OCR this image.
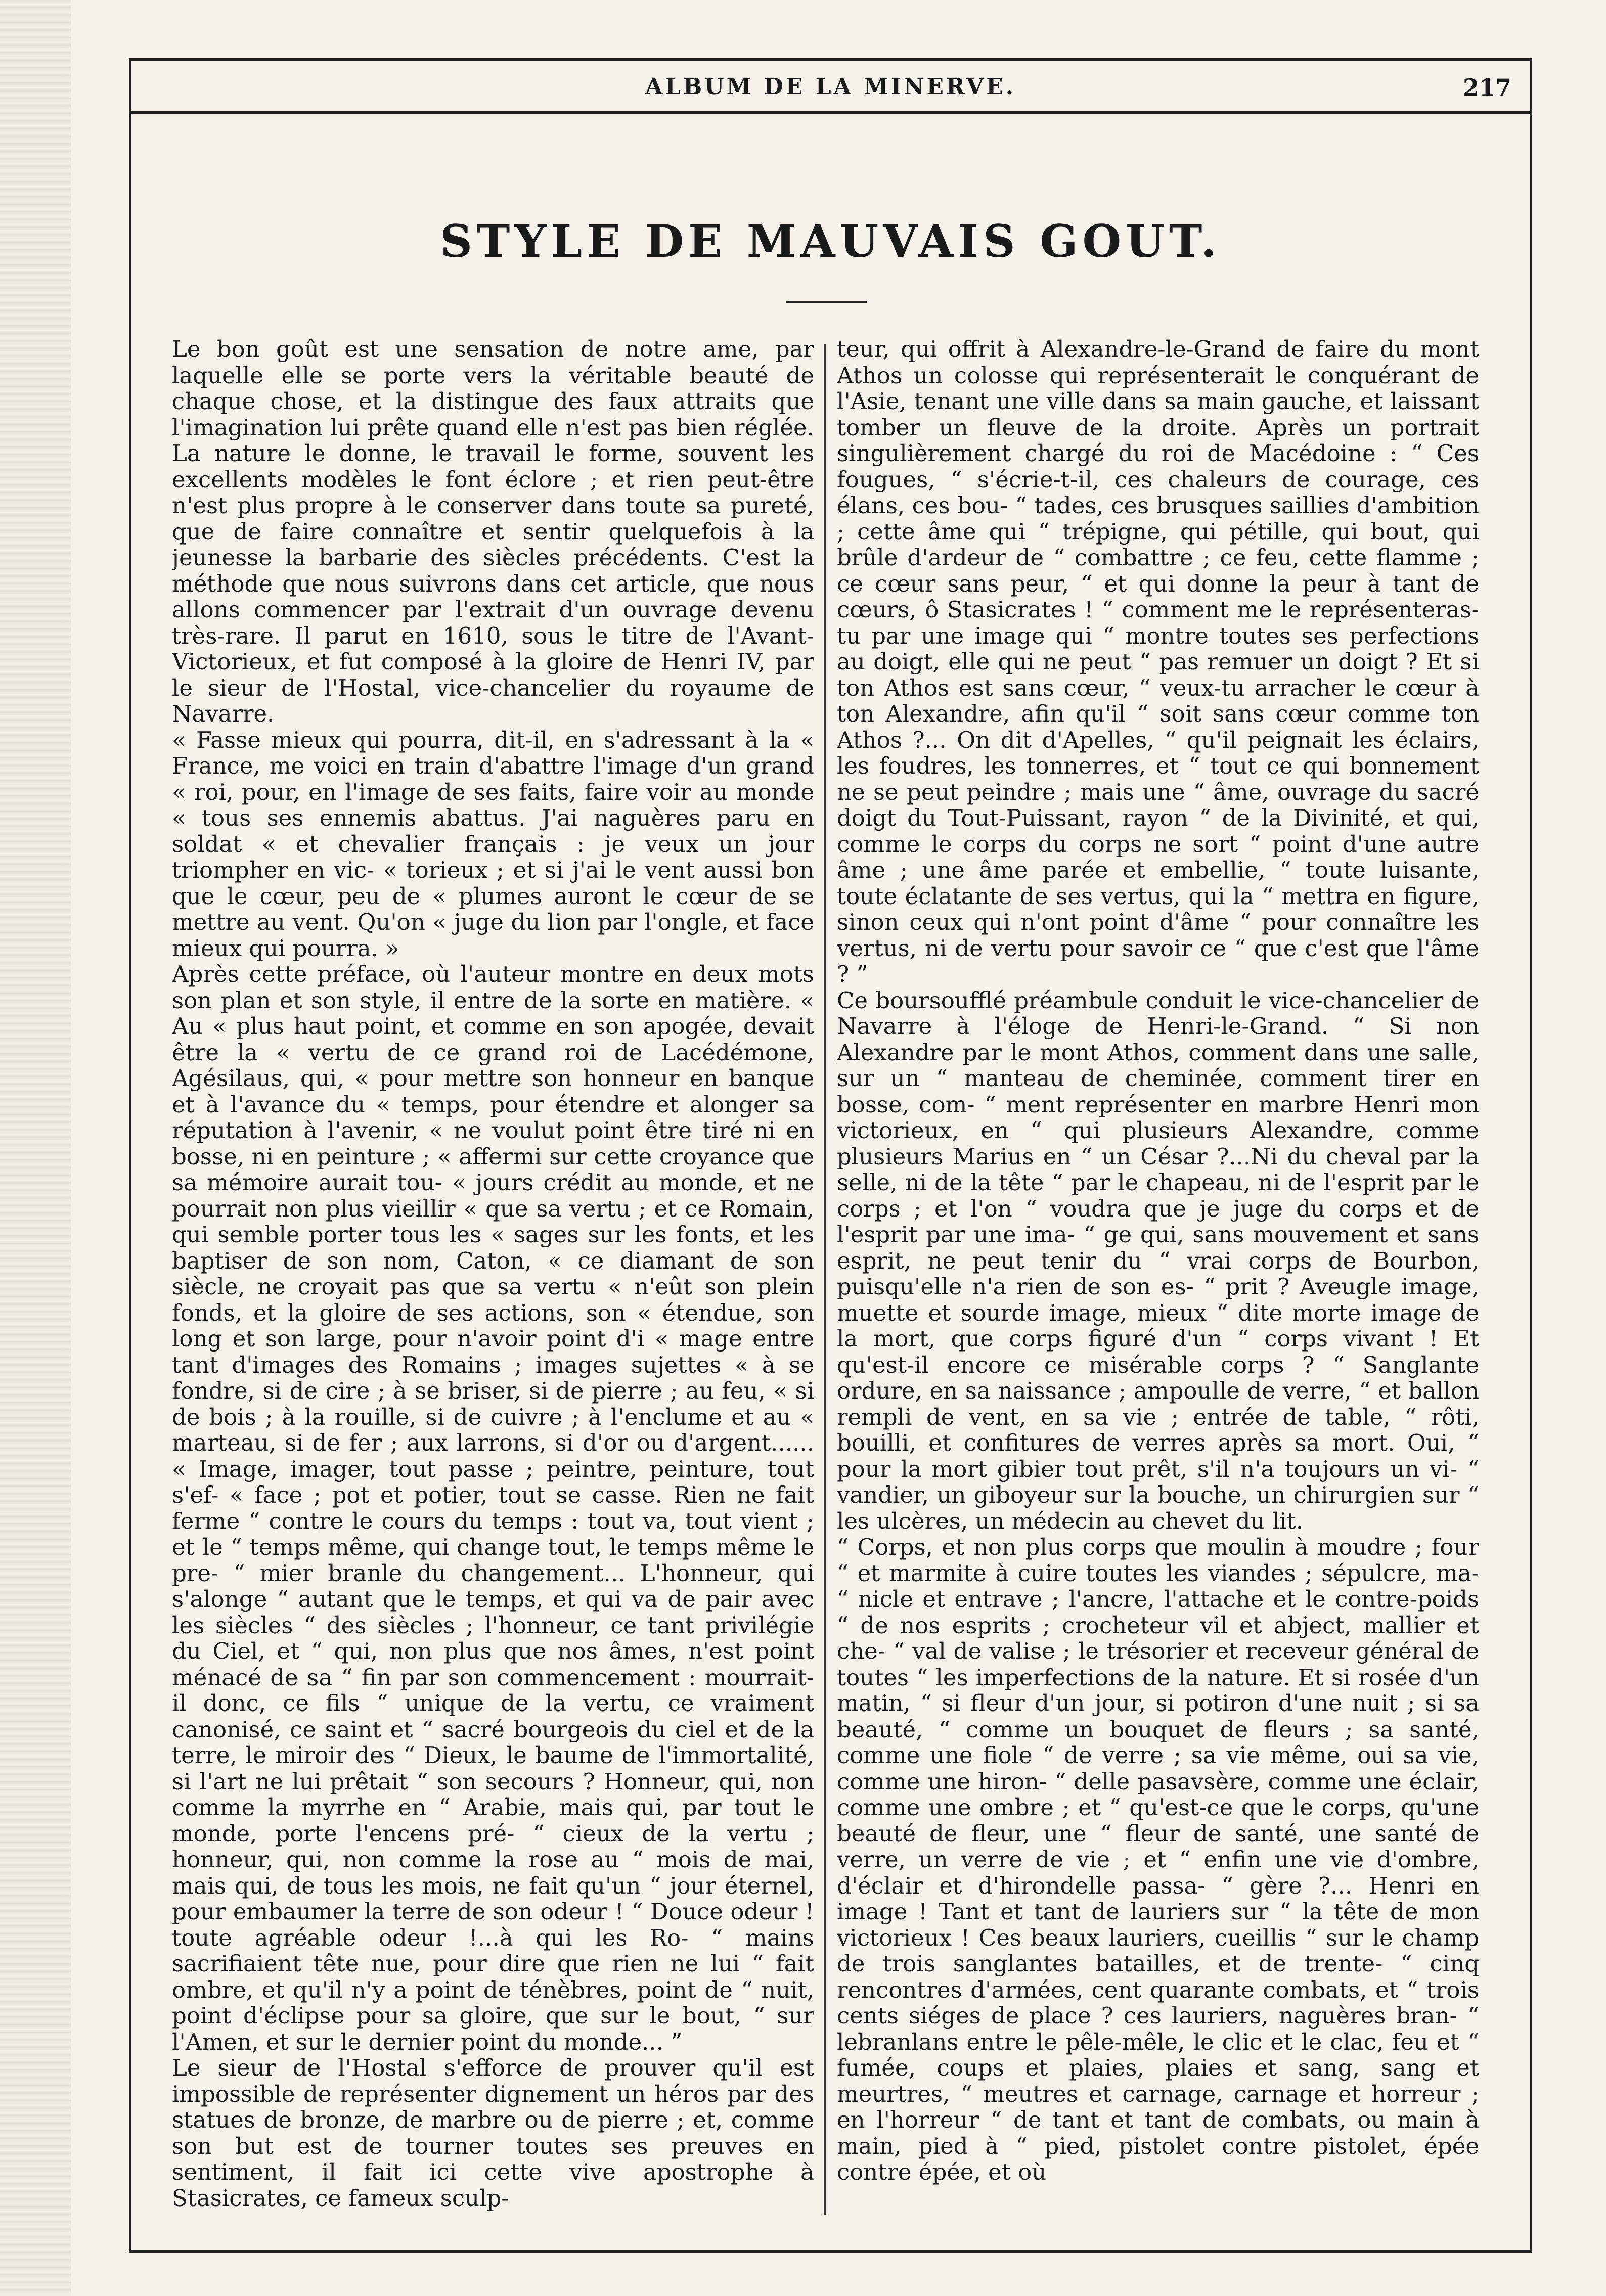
ALBUM DE LA MINERVE.	217
STYLE DE MAUVAIS GOUT.

Le bon goût est une sensation de notre ame, par laquelle elle se porte vers la véritable beauté de chaque chose, et la distingue des faux attraits que l'imagination lui prête quand elle n'est pas bien réglée. La nature le donne, le travail le forme, souvent les excellents modèles le font éclore ; et rien peut-être n'est plus propre à le conserver dans toute sa pureté, que de faire connaître et sentir quelquefois à la jeunesse la barbarie des siècles précédents. C'est la méthode que nous suivrons dans cet article, que nous allons commencer par l'extrait d'un ouvrage devenu très-rare. Il parut en 1610, sous le titre de l'Avant-Victorieux, et fut composé à la gloire de Henri IV, par le sieur de l'Hostal, vice-chancelier du royaume de Navarre.
« Fasse mieux qui pourra, dit-il, en s'adressant à la « France, me voici en train d'abattre l'image d'un grand « roi, pour, en l'image de ses faits, faire voir au monde « tous ses ennemis abattus. J'ai naguères paru en soldat « et chevalier français : je veux un jour triompher en vic- « torieux ; et si j'ai le vent aussi bon que le cœur, peu de « plumes auront le cœur de se mettre au vent. Qu'on « juge du lion par l'ongle, et face mieux qui pourra. »
Après cette préface, où l'auteur montre en deux mots son plan et son style, il entre de la sorte en matière. « Au « plus haut point, et comme en son apogée, devait être la « vertu de ce grand roi de Lacédémone, Agésilaus, qui, « pour mettre son honneur en banque et à l'avance du « temps, pour étendre et alonger sa réputation à l'avenir, « ne voulut point être tiré ni en bosse, ni en peinture ; « affermi sur cette croyance que sa mémoire aurait tou- « jours crédit au monde, et ne pourrait non plus vieillir « que sa vertu ; et ce Romain, qui semble porter tous les « sages sur les fonts, et les baptiser de son nom, Caton, « ce diamant de son siècle, ne croyait pas que sa vertu « n'eût son plein fonds, et la gloire de ses actions, son « étendue, son long et son large, pour n'avoir point d'i « mage entre tant d'images des Romains ; images sujettes « à se fondre, si de cire ; à se briser, si de pierre ; au feu, « si de bois ; à la rouille, si de cuivre ; à l'enclume et au « marteau, si de fer ; aux larrons, si d'or ou d'argent...... « Image, imager, tout passe ; peintre, peinture, tout s'ef- « face ; pot et potier, tout se casse. Rien ne fait ferme “ contre le cours du temps : tout va, tout vient ; et le “ temps même, qui change tout, le temps même le pre- “ mier branle du changement... L'honneur, qui s'alonge “ autant que le temps, et qui va de pair avec les siècles “ des siècles ; l'honneur, ce tant privilégie du Ciel, et “ qui, non plus que nos âmes, n'est point ménacé de sa “ fin par son commencement : mourrait-il donc, ce fils “ unique de la vertu, ce vraiment canonisé, ce saint et “ sacré bourgeois du ciel et de la terre, le miroir des “ Dieux, le baume de l'immortalité, si l'art ne lui prêtait “ son secours ? Honneur, qui, non comme la myrrhe en “ Arabie, mais qui, par tout le monde, porte l'encens pré- “ cieux de la vertu ; honneur, qui, non comme la rose au “ mois de mai, mais qui, de tous les mois, ne fait qu'un “ jour éternel, pour embaumer la terre de son odeur ! “ Douce odeur ! toute agréable odeur !...à qui les Ro- “ mains sacrifiaient tête nue, pour dire que rien ne lui “ fait ombre, et qu'il n'y a point de ténèbres, point de “ nuit, point d'éclipse pour sa gloire, que sur le bout, “ sur l'Amen, et sur le dernier point du monde... ”
Le sieur de l'Hostal s'efforce de prouver qu'il est impossible de représenter dignement un héros par des statues de bronze, de marbre ou de pierre ; et, comme son but est de tourner toutes ses preuves en sentiment, il fait ici cette vive apostrophe à Stasicrates, ce fameux sculp-

teur, qui offrit à Alexandre-le-Grand de faire du mont Athos un colosse qui représenterait le conquérant de l'Asie, tenant une ville dans sa main gauche, et laissant tomber un fleuve de la droite. Après un portrait singulièrement chargé du roi de Macédoine : “ Ces fougues, “ s'écrie-t-il, ces chaleurs de courage, ces élans, ces bou- “ tades, ces brusques saillies d'ambition ; cette âme qui “ trépigne, qui pétille, qui bout, qui brûle d'ardeur de “ combattre ; ce feu, cette flamme ; ce cœur sans peur, “ et qui donne la peur à tant de cœurs, ô Stasicrates ! “ comment me le représenteras-tu par une image qui “ montre toutes ses perfections au doigt, elle qui ne peut “ pas remuer un doigt ? Et si ton Athos est sans cœur, “ veux-tu arracher le cœur à ton Alexandre, afin qu'il “ soit sans cœur comme ton Athos ?... On dit d'Apelles, “ qu'il peignait les éclairs, les foudres, les tonnerres, et “ tout ce qui bonnement ne se peut peindre ; mais une “ âme, ouvrage du sacré doigt du Tout-Puissant, rayon “ de la Divinité, et qui, comme le corps du corps ne sort “ point d'une autre âme ; une âme parée et embellie, “ toute luisante, toute éclatante de ses vertus, qui la “ mettra en figure, sinon ceux qui n'ont point d'âme “ pour connaître les vertus, ni de vertu pour savoir ce “ que c'est que l'âme ? ”
Ce boursoufflé préambule conduit le vice-chancelier de Navarre à l'éloge de Henri-le-Grand. “ Si non Alexandre par le mont Athos, comment dans une salle, sur un “ manteau de cheminée, comment tirer en bosse, com- “ ment représenter en marbre Henri mon victorieux, en “ qui plusieurs Alexandre, comme plusieurs Marius en “ un César ?...Ni du cheval par la selle, ni de la tête “ par le chapeau, ni de l'esprit par le corps ; et l'on “ voudra que je juge du corps et de l'esprit par une ima- “ ge qui, sans mouvement et sans esprit, ne peut tenir du “ vrai corps de Bourbon, puisqu'elle n'a rien de son es- “ prit ? Aveugle image, muette et sourde image, mieux “ dite morte image de la mort, que corps figuré d'un “ corps vivant ! Et qu'est-il encore ce misérable corps ? “ Sanglante ordure, en sa naissance ; ampoulle de verre, “ et ballon rempli de vent, en sa vie ; entrée de table, “ rôti, bouilli, et confitures de verres après sa mort. Oui, “ pour la mort gibier tout prêt, s'il n'a toujours un vi- “ vandier, un giboyeur sur la bouche, un chirurgien sur “ les ulcères, un médecin au chevet du lit.
“ Corps, et non plus corps que moulin à moudre ; four “ et marmite à cuire toutes les viandes ; sépulcre, ma- “ nicle et entrave ; l'ancre, l'attache et le contre-poids “ de nos esprits ; crocheteur vil et abject, mallier et che- “ val de valise ; le trésorier et receveur général de toutes “ les imperfections de la nature. Et si rosée d'un matin, “ si fleur d'un jour, si potiron d'une nuit ; si sa beauté, “ comme un bouquet de fleurs ; sa santé, comme une fiole “ de verre ; sa vie même, oui sa vie, comme une hiron- “ delle pasavsère, comme une éclair, comme une ombre ; et “ qu'est-ce que le corps, qu'une beauté de fleur, une “ fleur de santé, une santé de verre, un verre de vie ; et “ enfin une vie d'ombre, d'éclair et d'hirondelle passa- “ gère ?... Henri en image ! Tant et tant de lauriers sur “ la tête de mon victorieux ! Ces beaux lauriers, cueillis “ sur le champ de trois sanglantes batailles, et de trente- “ cinq rencontres d'armées, cent quarante combats, et “ trois cents siéges de place ? ces lauriers, naguères bran- “ lebranlans entre le pêle-mêle, le clic et le clac, feu et “ fumée, coups et plaies, plaies et sang, sang et meurtres, “ meutres et carnage, carnage et horreur ; en l'horreur “ de tant et tant de combats, ou main à main, pied à “ pied, pistolet contre pistolet, épée contre épée, et où
